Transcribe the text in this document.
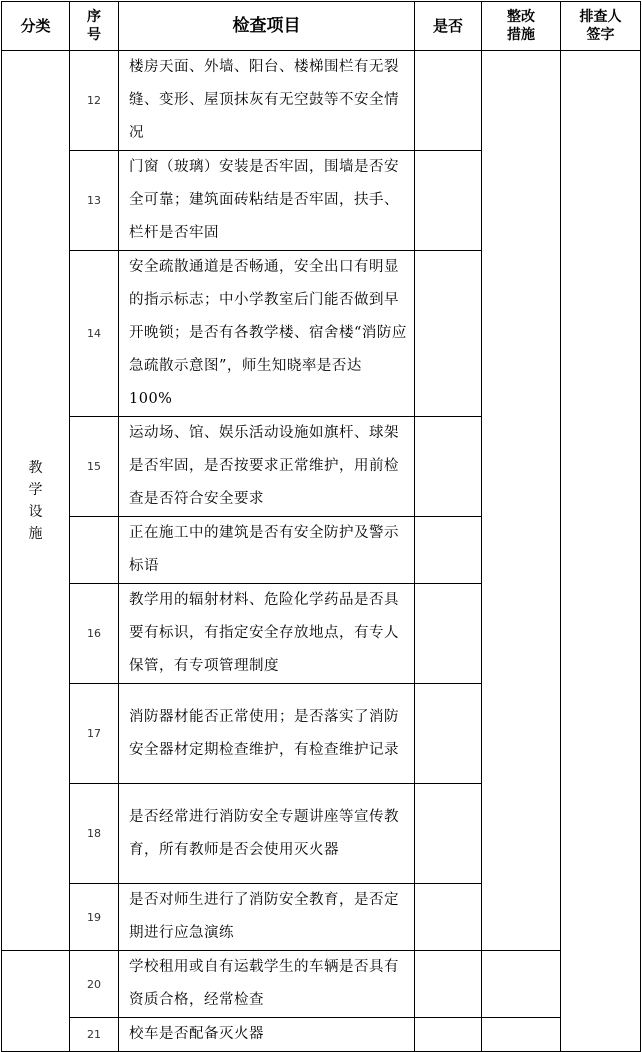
分类	序号	检查项目	是否	整改措施	排查人签字

教学设施	12	楼房天面、外墙、阳台、楼梯围栏有无裂缝、变形、屋顶抹灰有无空鼓等不安全情况			
	13	门窗（玻璃）安装是否牢固，围墙是否安全可靠；建筑面砖粘结是否牢固，扶手、栏杆是否牢固			
	14	安全疏散通道是否畅通，安全出口有明显的指示标志；中小学教室后门能否做到早开晚锁；是否有各教学楼、宿舍楼“消防应急疏散示意图”，师生知晓率是否达 100%			
	15	运动场、馆、娱乐活动设施如旗杆、球架是否牢固，是否按要求正常维护，用前检查是否符合安全要求			
		正在施工中的建筑是否有安全防护及警示标语			
	16	教学用的辐射材料、危险化学药品是否具要有标识，有指定安全存放地点，有专人保管，有专项管理制度			
	17	消防器材能否正常使用；是否落实了消防安全器材定期检查维护，有检查维护记录			
	18	是否经常进行消防安全专题讲座等宣传教育，所有教师是否会使用灭火器			
	19	是否对师生进行了消防安全教育，是否定期进行应急演练			
	20	学校租用或自有运载学生的车辆是否具有资质合格，经常检查			
	21	校车是否配备灭火器			
